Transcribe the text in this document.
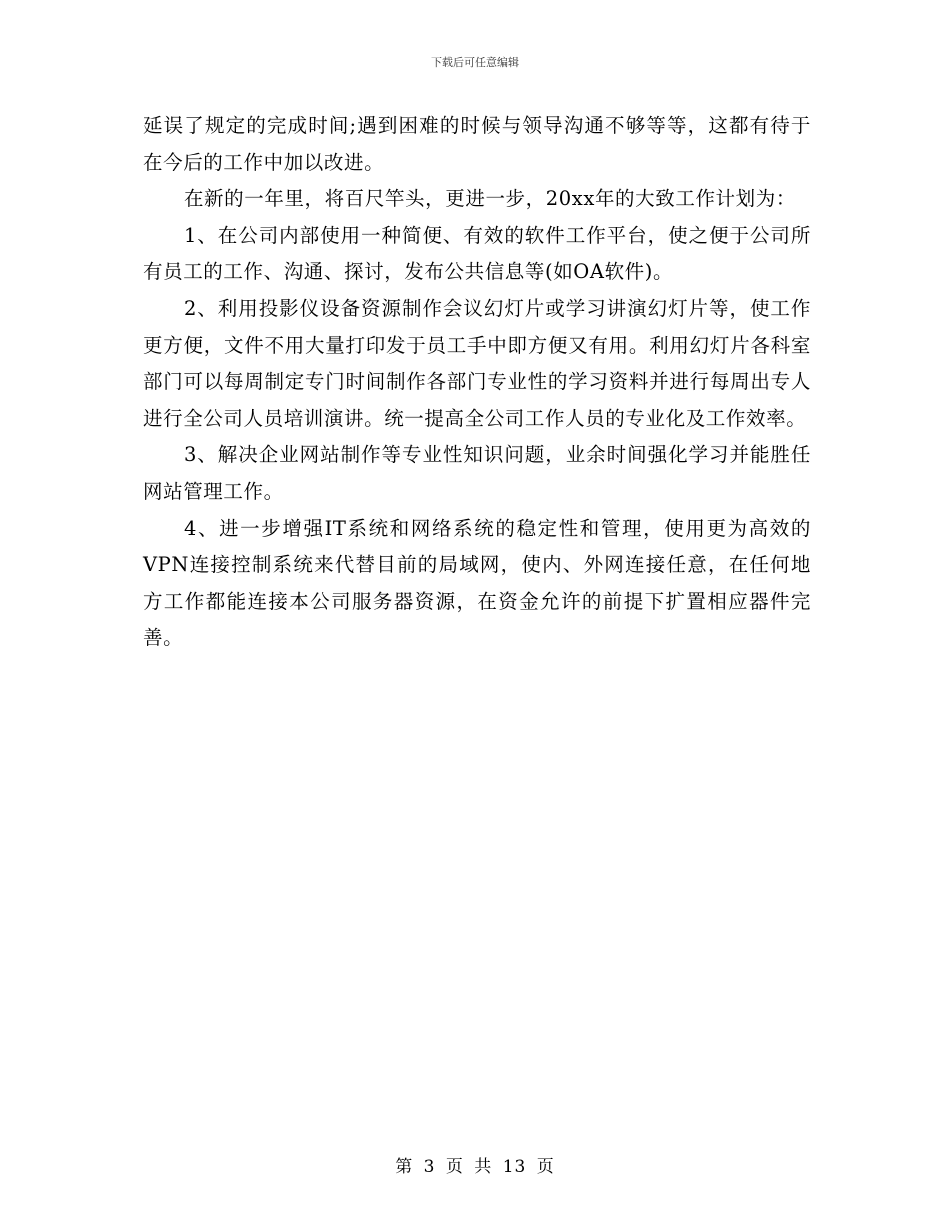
下载后可任意编辑

延误了规定的完成时间;遇到困难的时候与领导沟通不够等等，这都有待于在今后的工作中加以改进。

在新的一年里，将百尺竿头，更进一步，20xx年的大致工作计划为：

1、在公司内部使用一种简便、有效的软件工作平台，使之便于公司所有员工的工作、沟通、探讨，发布公共信息等(如OA软件)。

2、利用投影仪设备资源制作会议幻灯片或学习讲演幻灯片等，使工作更方便，文件不用大量打印发于员工手中即方便又有用。利用幻灯片各科室部门可以每周制定专门时间制作各部门专业性的学习资料并进行每周出专人进行全公司人员培训演讲。统一提高全公司工作人员的专业化及工作效率。

3、解决企业网站制作等专业性知识问题，业余时间强化学习并能胜任网站管理工作。

4、进一步增强IT系统和网络系统的稳定性和管理，使用更为高效的VPN连接控制系统来代替目前的局域网，使内、外网连接任意，在任何地方工作都能连接本公司服务器资源，在资金允许的前提下扩置相应器件完善。

第 3 页 共 13 页
